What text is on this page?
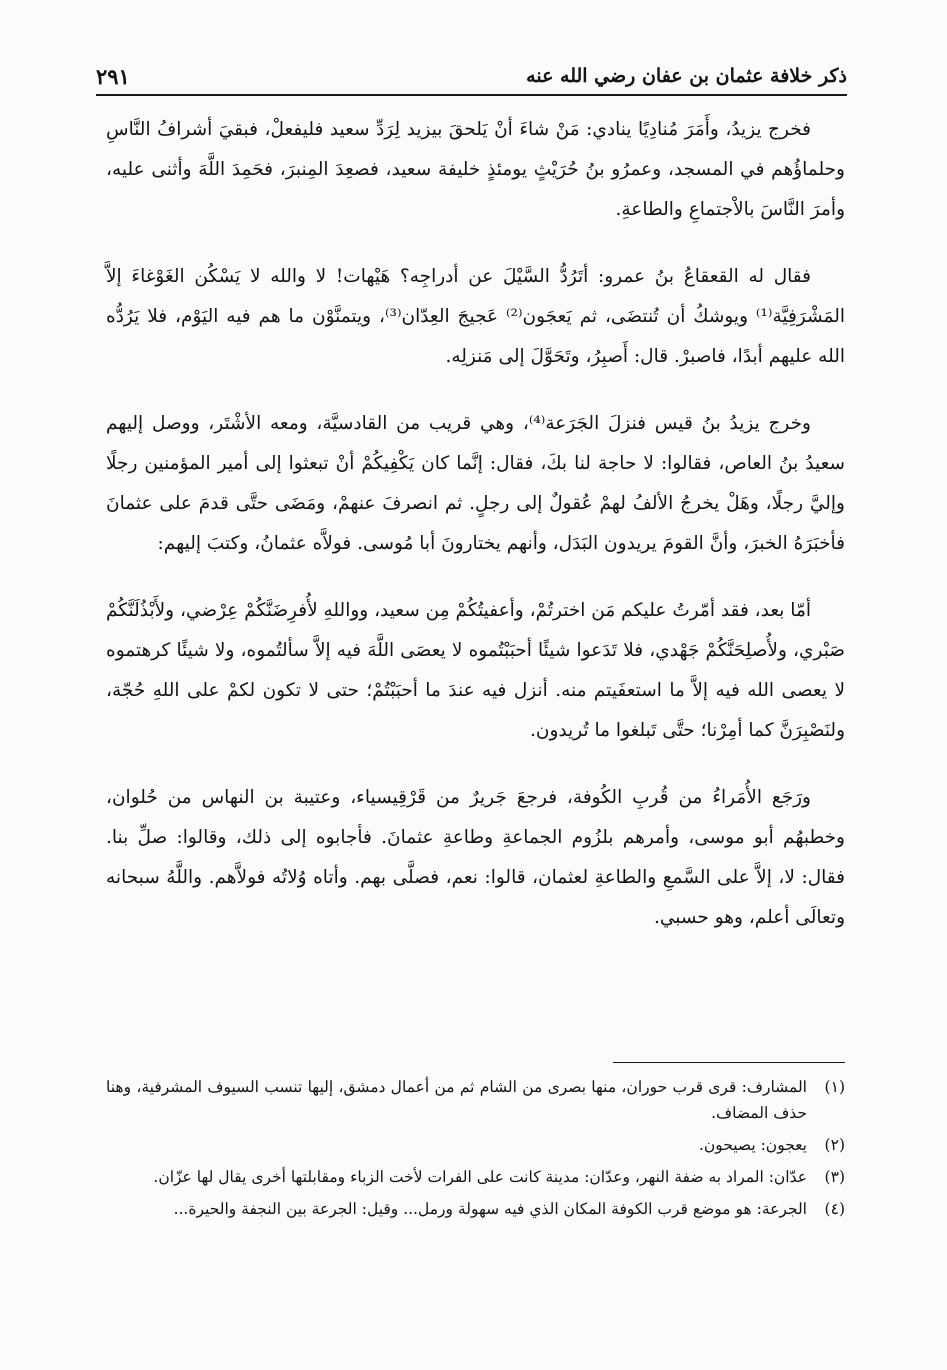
ذكر خلافة عثمان بن عفان رضي الله عنه
٢٩١

فخرج يزيدُ، وأَمَرَ مُنادِيًا ينادي: مَنْ شاءَ أنْ يَلحقَ بيزيد لِرَدِّ سعيد فليفعلْ، فبقيَ أشرافُ النَّاسِ وحلماؤُهم في المسجد، وعمرُو بنُ حُرَيْثٍ يومئذٍ خليفة سعيد، فصعِدَ المِنبرَ، فحَمِدَ اللَّهَ وأثنى عليه، وأمرَ النَّاسَ بالاْجتماعِ والطاعةِ.

فقال له القعقاعُ بنُ عمرو: أتَرُدُّ السَّيْلَ عن أدراجِه؟ هَيْهات! لا والله لا يَسْكُن الغَوْغاءَ إلاَّ المَشْرَفِيَّة⁽¹⁾ ويوشكُ أن تُنتضَى، ثم يَعجَون⁽²⁾ عَجيجَ العِدّان⁽³⁾، ويتمنَّوْن ما هم فيه اليَوْم، فلا يَرُدُّه الله عليهم أبدًا، فاصبرْ. قال: أَصبِرُ، وتَحَوَّلَ إلى مَنزلِه.

وخرج يزيدُ بنُ قيس فنزلَ الجَرَعة⁽⁴⁾، وهي قريب من القادسيَّة، ومعه الأشْتَر، ووصل إليهم سعيدُ بنُ العاص، فقالوا: لا حاجة لنا بكَ، فقال: إنَّما كان يَكْفِيكُمْ أنْ تبعثوا إلى أمير المؤمنين رجلًا وإليَّ رجلًا، وهَلْ يخرجُ الألفُ لهمْ عُقولٌ إلى رجلٍ. ثم انصرفَ عنهمْ، ومَضَى حتَّى قدمَ على عثمانَ فأخبَرَهُ الخبرَ، وأنَّ القومَ يريدون البَدَل، وأنهم يختارونَ أبا مُوسى. فولاَّه عثمانُ، وكتبَ إليهم:

أمّا بعد، فقد أمّرتُ عليكم مَن اخترتُمْ، وأعفيتُكُمْ مِن سعيد، وواللهِ لأُفرِضَنَّكُمْ عِرْضي، ولأَبْذُلَنَّكُمْ صَبْري، ولأُصلِحَنَّكُمْ جَهْدي، فلا تَدَعوا شيئًا أحبَبْتُموه لا يعصَى اللَّهَ فيه إلاَّ سألتُموه، ولا شيئًا كرهتموه لا يعصى الله فيه إلاَّ ما استعفَيتم منه. أنزل فيه عندَ ما أحبَبْتُمْ؛ حتى لا تكون لكمْ على اللهِ حُجّة، ولنَصْبِرَنَّ كما أمِرْنا؛ حتَّى تَبلغوا ما تُريدون.

ورَجَع الأُمَراءُ من قُربِ الكُوفة، فرجعَ جَريرٌ من قَرْقِيسياء، وعتيبة بن النهاس من حُلوان، وخطبهُم أبو موسى، وأمرهم بلزُوم الجماعةِ وطاعةِ عثمانَ. فأجابوه إلى ذلك، وقالوا: صلِّ بنا. فقال: لا، إلاَّ على السَّمعِ والطاعةِ لعثمان، قالوا: نعم، فصلَّى بهم. وأتاه وُلاتُه فولاَّهم. واللَّهُ سبحانه وتعالَى أعلم، وهو حسبي.

(١)
المشارف: قرى قرب حوران، منها بصرى من الشام ثم من أعمال دمشق، إليها تنسب السيوف المشرفية، وهنا حذف المضاف.
(٢)
يعجون: يصيحون.
(٣)
عدّان: المراد به ضفة النهر، وعدّان: مدينة كانت على الفرات لأخت الزباء ومقابلتها أخرى يقال لها عزّان.
(٤)
الجرعة: هو موضع قرب الكوفة المكان الذي فيه سهولة ورمل... وقيل: الجرعة بين النجفة والحيرة...
